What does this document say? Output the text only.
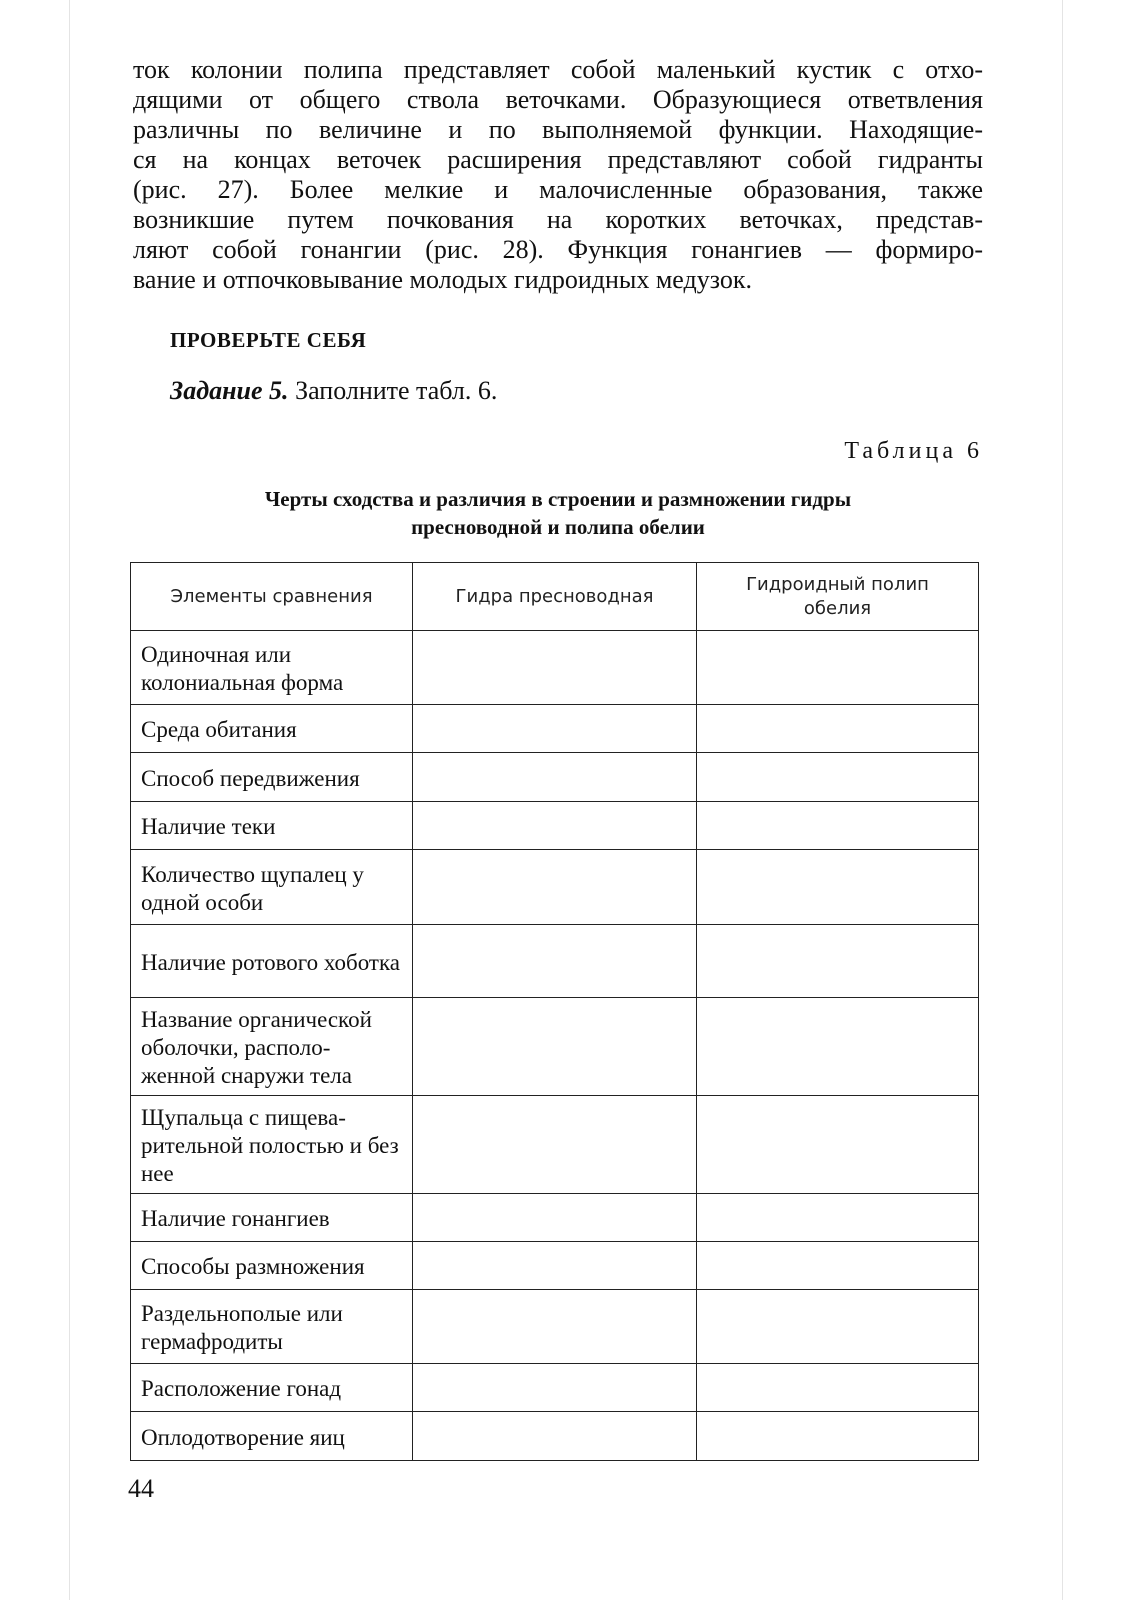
ток колонии полипа представляет собой маленький кустик с отхо-
дящими от общего ствола веточками. Образующиеся ответвления
различны по величине и по выполняемой функции. Находящие-
ся на концах веточек расширения представляют собой гидранты
(рис. 27). Более мелкие и малочисленные образования, также
возникшие путем почкования на коротких веточках, представ-
ляют собой гонангии (рис. 28). Функция гонангиев — формиро-
вание и отпочковывание молодых гидроидных медузок.
ПРОВЕРЬТЕ СЕБЯ
Задание 5. Заполните табл. 6.
Таблица 6
Черты сходства и различия в строении и размножении гидры
пресноводной и полипа обелии
Элементы сравнения	Гидра пресноводная	Гидроидный полип обелия
Одиночная или колониальная форма		
Среда обитания		
Способ передвижения		
Наличие теки		
Количество щупалец у одной особи		
Наличие ротового хоботка		
Название органической оболочки, располо-женной снаружи тела		
Щупальца с пищева-рительной полостью и без нее		
Наличие гонангиев		
Способы размножения		
Раздельнополые или гермафродиты		
Расположение гонад		
Оплодотворение яиц		
44
